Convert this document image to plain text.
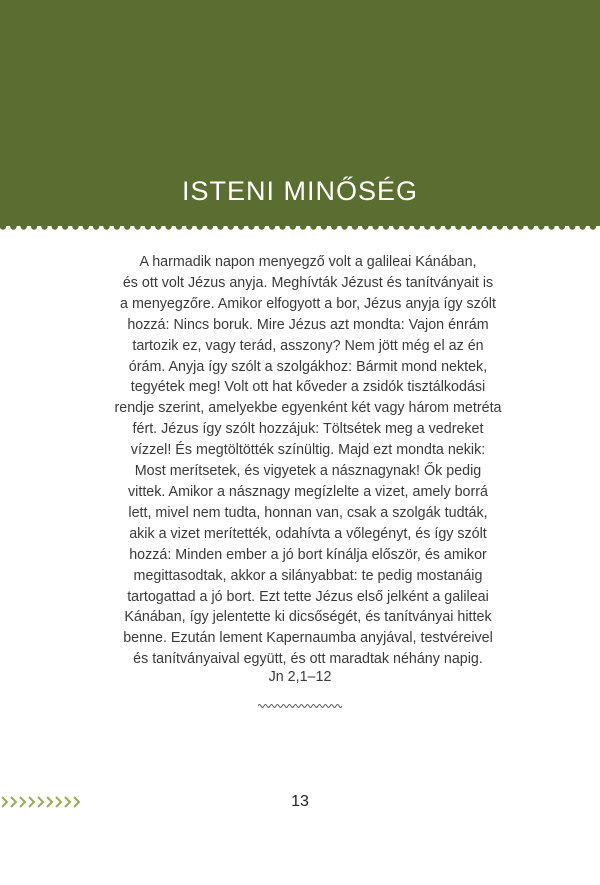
ISTENI MINŐSÉG
A harmadik napon menyegző volt a galileai Kánában,
és ott volt Jézus anyja. Meghívták Jézust és tanítványait is
a menyegzőre. Amikor elfogyott a bor, Jézus anyja így szólt
hozzá: Nincs boruk. Mire Jézus azt mondta: Vajon énrám
tartozik ez, vagy terád, asszony? Nem jött még el az én
órám. Anyja így szólt a szolgákhoz: Bármit mond nektek,
tegyétek meg! Volt ott hat kőveder a zsidók tisztálkodási
rendje szerint, amelyekbe egyenként két vagy három metréta
fért. Jézus így szólt hozzájuk: Töltsétek meg a vedreket
vízzel! És megtöltötték színültig. Majd ezt mondta nekik:
Most merítsetek, és vigyetek a násznagynak! Ők pedig
vittek. Amikor a násznagy megízlelte a vizet, amely borrá
lett, mivel nem tudta, honnan van, csak a szolgák tudták,
akik a vizet merítették, odahívta a vőlegényt, és így szólt
hozzá: Minden ember a jó bort kínálja először, és amikor
megittasodtak, akkor a silányabbat: te pedig mostanáig
tartogattad a jó bort. Ezt tette Jézus első jelként a galileai
Kánában, így jelentette ki dicsőségét, és tanítványai hittek
benne. Ezután lement Kapernaumba anyjával, testvéreivel
és tanítványaival együtt, és ott maradtak néhány napig.
Jn 2,1–12
13
